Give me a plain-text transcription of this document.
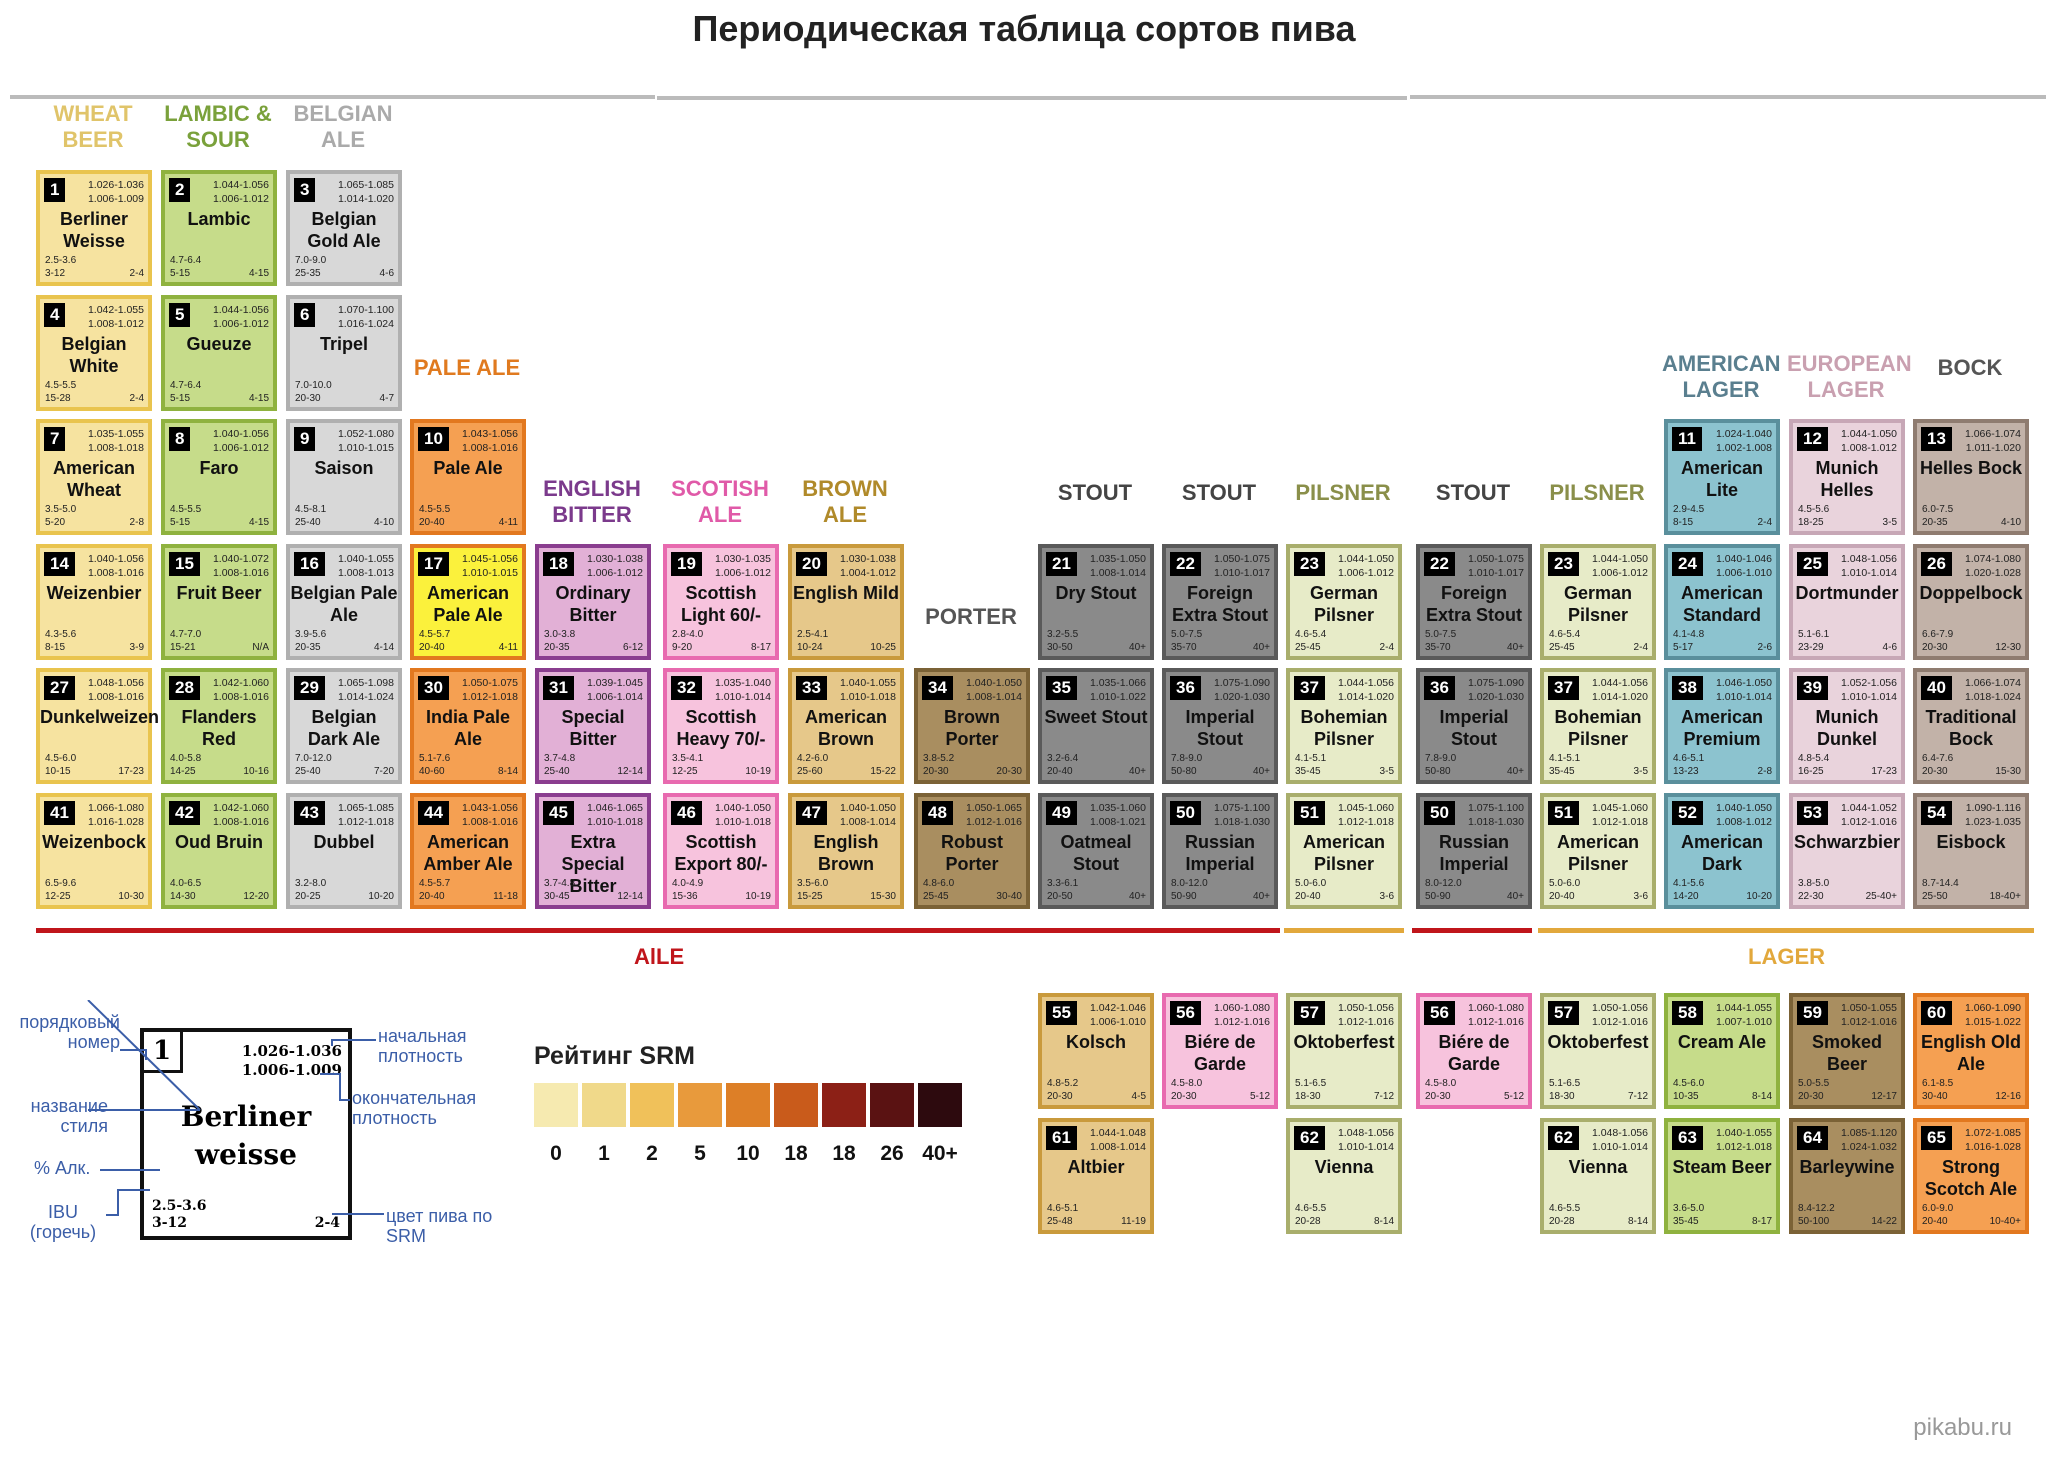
Периодическая таблица сортов пива
WHEAT
BEER
LAMBIC &
SOUR
BELGIAN
ALE
PALE ALE
ENGLISH
BITTER
SCOTISH
ALE
BROWN
ALE
PORTER
STOUT	STOUT	PILSNER	STOUT	PILSNER
AMERICAN
LAGER
EUROPEAN
LAGER
BOCK
1	1.026-1.036
1.006-1.009
Berliner Weisse
2.5-3.6
3-12	2-4
2	1.044-1.056
1.006-1.012
Lambic
4.7-6.4
5-15	4-15
3	1.065-1.085
1.014-1.020
Belgian Gold Ale
7.0-9.0
25-35	4-6
4	1.042-1.055
1.008-1.012
Belgian White
4.5-5.5
15-28	2-4
5	1.044-1.056
1.006-1.012
Gueuze
4.7-6.4
5-15	4-15
6	1.070-1.100
1.016-1.024
Tripel
7.0-10.0
20-30	4-7
7	1.035-1.055
1.008-1.018
American Wheat
3.5-5.0
5-20	2-8
8	1.040-1.056
1.006-1.012
Faro
4.5-5.5
5-15	4-15
9	1.052-1.080
1.010-1.015
Saison
4.5-8.1
25-40	4-10
10	1.043-1.056
1.008-1.016
Pale Ale
4.5-5.5
20-40	4-11
11	1.024-1.040
1.002-1.008
American Lite
2.9-4.5
8-15	2-4
12	1.044-1.050
1.008-1.012
Munich Helles
4.5-5.6
18-25	3-5
13	1.066-1.074
1.011-1.020
Helles Bock
6.0-7.5
20-35	4-10
14	1.040-1.056
1.008-1.016
Weizenbier
4.3-5.6
8-15	3-9
15	1.040-1.072
1.008-1.016
Fruit Beer
4.7-7.0
15-21	N/A
16	1.040-1.055
1.008-1.013
Belgian Pale Ale
3.9-5.6
20-35	4-14
17	1.045-1.056
1.010-1.015
American Pale Ale
4.5-5.7
20-40	4-11
18	1.030-1.038
1.006-1.012
Ordinary Bitter
3.0-3.8
20-35	6-12
19	1.030-1.035
1.006-1.012
Scottish Light 60/-
2.8-4.0
9-20	8-17
20	1.030-1.038
1.004-1.012
English Mild
2.5-4.1
10-24	10-25
21	1.035-1.050
1.008-1.014
Dry Stout
3.2-5.5
30-50	40+
22	1.050-1.075
1.010-1.017
Foreign Extra Stout
5.0-7.5
35-70	40+
23	1.044-1.050
1.006-1.012
German Pilsner
4.6-5.4
25-45	2-4
22	1.050-1.075
1.010-1.017
Foreign Extra Stout
5.0-7.5
35-70	40+
23	1.044-1.050
1.006-1.012
German Pilsner
4.6-5.4
25-45	2-4
24	1.040-1.046
1.006-1.010
American Standard
4.1-4.8
5-17	2-6
25	1.048-1.056
1.010-1.014
Dortmunder
5.1-6.1
23-29	4-6
26	1.074-1.080
1.020-1.028
Doppelbock
6.6-7.9
20-30	12-30
27	1.048-1.056
1.008-1.016
Dunkelweizen
4.5-6.0
10-15	17-23
28	1.042-1.060
1.008-1.016
Flanders Red
4.0-5.8
14-25	10-16
29	1.065-1.098
1.014-1.024
Belgian Dark Ale
7.0-12.0
25-40	7-20
30	1.050-1.075
1.012-1.018
India Pale Ale
5.1-7.6
40-60	8-14
31	1.039-1.045
1.006-1.014
Special Bitter
3.7-4.8
25-40	12-14
32	1.035-1.040
1.010-1.014
Scottish Heavy 70/-
3.5-4.1
12-25	10-19
33	1.040-1.055
1.010-1.018
American Brown
4.2-6.0
25-60	15-22
34	1.040-1.050
1.008-1.014
Brown Porter
3.8-5.2
20-30	20-30
35	1.035-1.066
1.010-1.022
Sweet Stout
3.2-6.4
20-40	40+
36	1.075-1.090
1.020-1.030
Imperial Stout
7.8-9.0
50-80	40+
37	1.044-1.056
1.014-1.020
Bohemian Pilsner
4.1-5.1
35-45	3-5
36	1.075-1.090
1.020-1.030
Imperial Stout
7.8-9.0
50-80	40+
37	1.044-1.056
1.014-1.020
Bohemian Pilsner
4.1-5.1
35-45	3-5
38	1.046-1.050
1.010-1.014
American Premium
4.6-5.1
13-23	2-8
39	1.052-1.056
1.010-1.014
Munich Dunkel
4.8-5.4
16-25	17-23
40	1.066-1.074
1.018-1.024
Traditional Bock
6.4-7.6
20-30	15-30
41	1.066-1.080
1.016-1.028
Weizenbock
6.5-9.6
12-25	10-30
42	1.042-1.060
1.008-1.016
Oud Bruin
4.0-6.5
14-30	12-20
43	1.065-1.085
1.012-1.018
Dubbel
3.2-8.0
20-25	10-20
44	1.043-1.056
1.008-1.016
American Amber Ale
4.5-5.7
20-40	11-18
45	1.046-1.065
1.010-1.018
Extra Special Bitter
3.7-4.8
30-45	12-14
46	1.040-1.050
1.010-1.018
Scottish Export 80/-
4.0-4.9
15-36	10-19
47	1.040-1.050
1.008-1.014
English Brown
3.5-6.0
15-25	15-30
48	1.050-1.065
1.012-1.016
Robust Porter
4.8-6.0
25-45	30-40
49	1.035-1.060
1.008-1.021
Oatmeal Stout
3.3-6.1
20-50	40+
50	1.075-1.100
1.018-1.030
Russian Imperial
8.0-12.0
50-90	40+
51	1.045-1.060
1.012-1.018
American Pilsner
5.0-6.0
20-40	3-6
50	1.075-1.100
1.018-1.030
Russian Imperial
8.0-12.0
50-90	40+
51	1.045-1.060
1.012-1.018
American Pilsner
5.0-6.0
20-40	3-6
52	1.040-1.050
1.008-1.012
American Dark
4.1-5.6
14-20	10-20
53	1.044-1.052
1.012-1.016
Schwarzbier
3.8-5.0
22-30	25-40+
54	1.090-1.116
1.023-1.035
Eisbock
8.7-14.4
25-50	18-40+
55	1.042-1.046
1.006-1.010
Kolsch
4.8-5.2
20-30	4-5
56	1.060-1.080
1.012-1.016
Biére de Garde
4.5-8.0
20-30	5-12
57	1.050-1.056
1.012-1.016
Oktoberfest
5.1-6.5
18-30	7-12
56	1.060-1.080
1.012-1.016
Biére de Garde
4.5-8.0
20-30	5-12
57	1.050-1.056
1.012-1.016
Oktoberfest
5.1-6.5
18-30	7-12
58	1.044-1.055
1.007-1.010
Cream Ale
4.5-6.0
10-35	8-14
59	1.050-1.055
1.012-1.016
Smoked Beer
5.0-5.5
20-30	12-17
60	1.060-1.090
1.015-1.022
English Old Ale
6.1-8.5
30-40	12-16
61	1.044-1.048
1.008-1.014
Altbier
4.6-5.1
25-48	11-19
62	1.048-1.056
1.010-1.014
Vienna
4.6-5.5
20-28	8-14
62	1.048-1.056
1.010-1.014
Vienna
4.6-5.5
20-28	8-14
63	1.040-1.055
1.012-1.018
Steam Beer
3.6-5.0
35-45	8-17
64	1.085-1.120
1.024-1.032
Barleywine
8.4-12.2
50-100	14-22
65	1.072-1.085
1.016-1.028
Strong Scotch Ale
6.0-9.0
20-40	10-40+
AlLE	LAGER
1	1.026-1.036
1.006-1.009
Berliner weisse
2.5-3.6
3-12	2-4
порядковый номер
название стиля
% Алк.
IBU (горечь)
начальная плотность
окончательная плотность
цвет пива по SRM
Рейтинг SRM
0	1	2	5	10	18	18	26 40+
pikabu.ru
